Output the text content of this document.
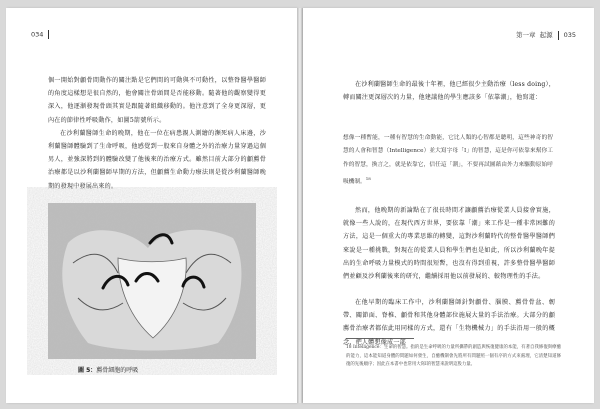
034

個一開始對顱骨間動作的關注點是它們間的可動與不可動性，以整脊醫學醫師的角度這樣想是很自然的，他會關注骨頭間是否能移動。隨著他的觀察變得更深入，他逐漸發現骨頭其實是跟隨著組織移動的。他注意到了全身更深層，更內在的節律性呼吸動作，如圖5箭號所示。

在沙利蘭醫師生命的晚期，他在一位在病患親人測繪的瀕死病人床邊，沙利蘭醫師體驗到了生命呼吸，他感覺到一股來自身體之外的治療力量穿過這個男人，並強深將到的體驗改變了他後來的治療方式。雖然目前大部分的顱薦骨治療都是以沙利蘭醫師早期的方法，但顱薦生命動力療法則是從沙利蘭醫師晚期的發現中發展出來的。

圖 5：薦骨細胞的呼吸
第一章 起源 035

在沙利蘭醫師生命的最後十年裡，他已經很少主動治療（less doing），轉而關注更深層次的力量，他建議他的學生應該多「依靠潮」，他寫道：

想像一種暫能，一種有智慧的生命動能，它比人類的心智都是聰明，這些神奇的智慧的人會和智慧（Intelligence）並大寫字母「I」的智慧，這是你可依靠來幫你工作的智慧，換言之，就是依靠它，信任這「潮」，不要再試圖藉由外力來驅動原始呼吸機制。$^{18}$

然而，他晚期的新論點在了很長時間才讓顱薦治療從業人員接會實施，就像一些人說的，在現代西方世界，要依靠「潮」來工作是一種非常困難的方法，這是一個重大的專業思維的轉變，這對沙利蘭時代的整骨醫學醫師們來說是一種挑戰，對現在的從業人員和學生們也是如此，所以沙利蘭晚年提出的生命呼吸力量模式的時間很短暫，也沒有得到重視，許多整骨醫學醫師們並顧及沙利蘭後來的研究，繼續採用他以前發展的、較物理性的手法。

18 Intelligence：生命的智慧。指的是生命呼吸的力量所攜帶的創造與恢復健康的本能，有著自我修復與療癒的能力，這本能知道身體的問題如何發生，自癒機制會先將所有問題照一個有序的方式來處理，它清楚知道修復的先後順序；因此在本書中也常用大寫I的智慧來說明這股力量。

在他早期的臨床工作中，沙利蘭醫師針對顱骨、腦膜、薦骨骨盆、韌帶、關節面、脊椎、顱骨和其他身體部位施展大量的手法治療。大部分的顱薦骨治療者都依此用同樣的方式，還有「生物機械力」的手法沿用一般的概念，把人體想像成一部
